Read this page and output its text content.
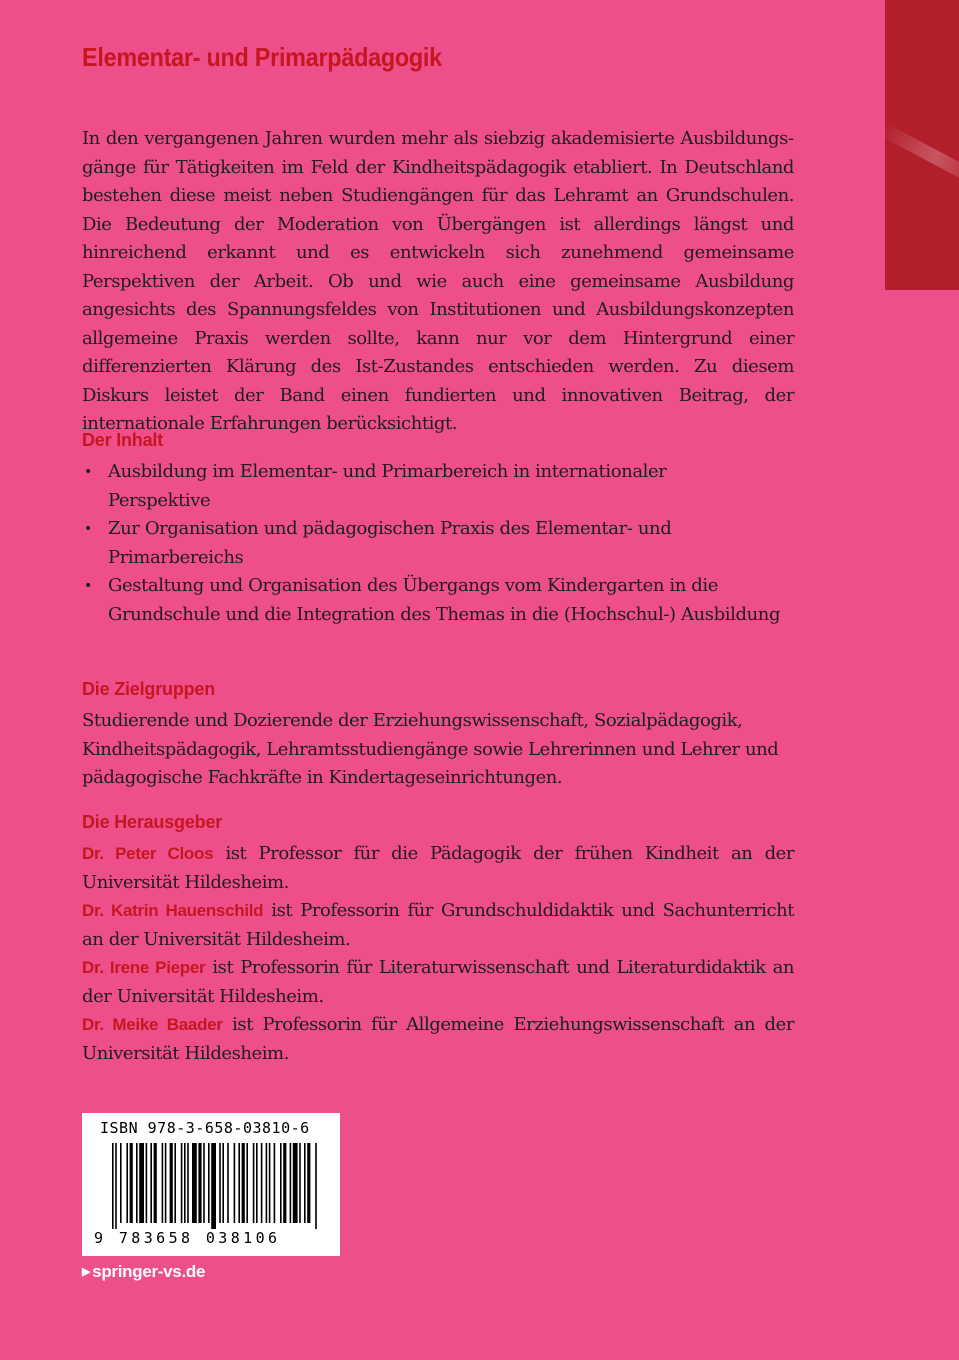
Elementar- und Primarpädagogik

In den vergangenen Jahren wurden mehr als siebzig akademisierte Ausbildungsgänge für Tätigkeiten im Feld der Kindheitspädagogik etabliert. In Deutschland bestehen diese meist neben Studiengängen für das Lehramt an Grundschulen. Die Bedeutung der Moderation von Übergängen ist allerdings längst und hinreichend erkannt und es entwickeln sich zunehmend gemeinsame Perspektiven der Arbeit. Ob und wie auch eine gemeinsame Ausbildung angesichts des Spannungsfeldes von Institutionen und Ausbildungskonzepten allgemeine Praxis werden sollte, kann nur vor dem Hintergrund einer differenzierten Klärung des Ist-Zustandes entschieden werden. Zu diesem Diskurs leistet der Band einen fundierten und innovativen Beitrag, der internationale Erfahrungen berücksichtigt.

Der Inhalt
• Ausbildung im Elementar- und Primarbereich in internationaler Perspektive
• Zur Organisation und pädagogischen Praxis des Elementar- und Primarbereichs
• Gestaltung und Organisation des Übergangs vom Kindergarten in die Grundschule und die Integration des Themas in die (Hochschul-) Ausbildung
Die Zielgruppen

Studierende und Dozierende der Erziehungswissenschaft, Sozialpädagogik, Kindheitspädagogik, Lehramtsstudiengänge sowie Lehrerinnen und Lehrer und pädagogische Fachkräfte in Kindertageseinrichtungen.

Die Herausgeber

Dr. Peter Cloos ist Professor für die Pädagogik der frühen Kindheit an der Universität Hildesheim.

Dr. Katrin Hauenschild ist Professorin für Grundschuldidaktik und Sachunterricht an der Universität Hildesheim.

Dr. Irene Pieper ist Professorin für Literaturwissenschaft und Literaturdidaktik an der Universität Hildesheim.

Dr. Meike Baader ist Professorin für Allgemeine Erziehungswissenschaft an der Universität Hildesheim.

ISBN 978-3-658-03810-6

9 783658 038106

▶ springer-vs.de
